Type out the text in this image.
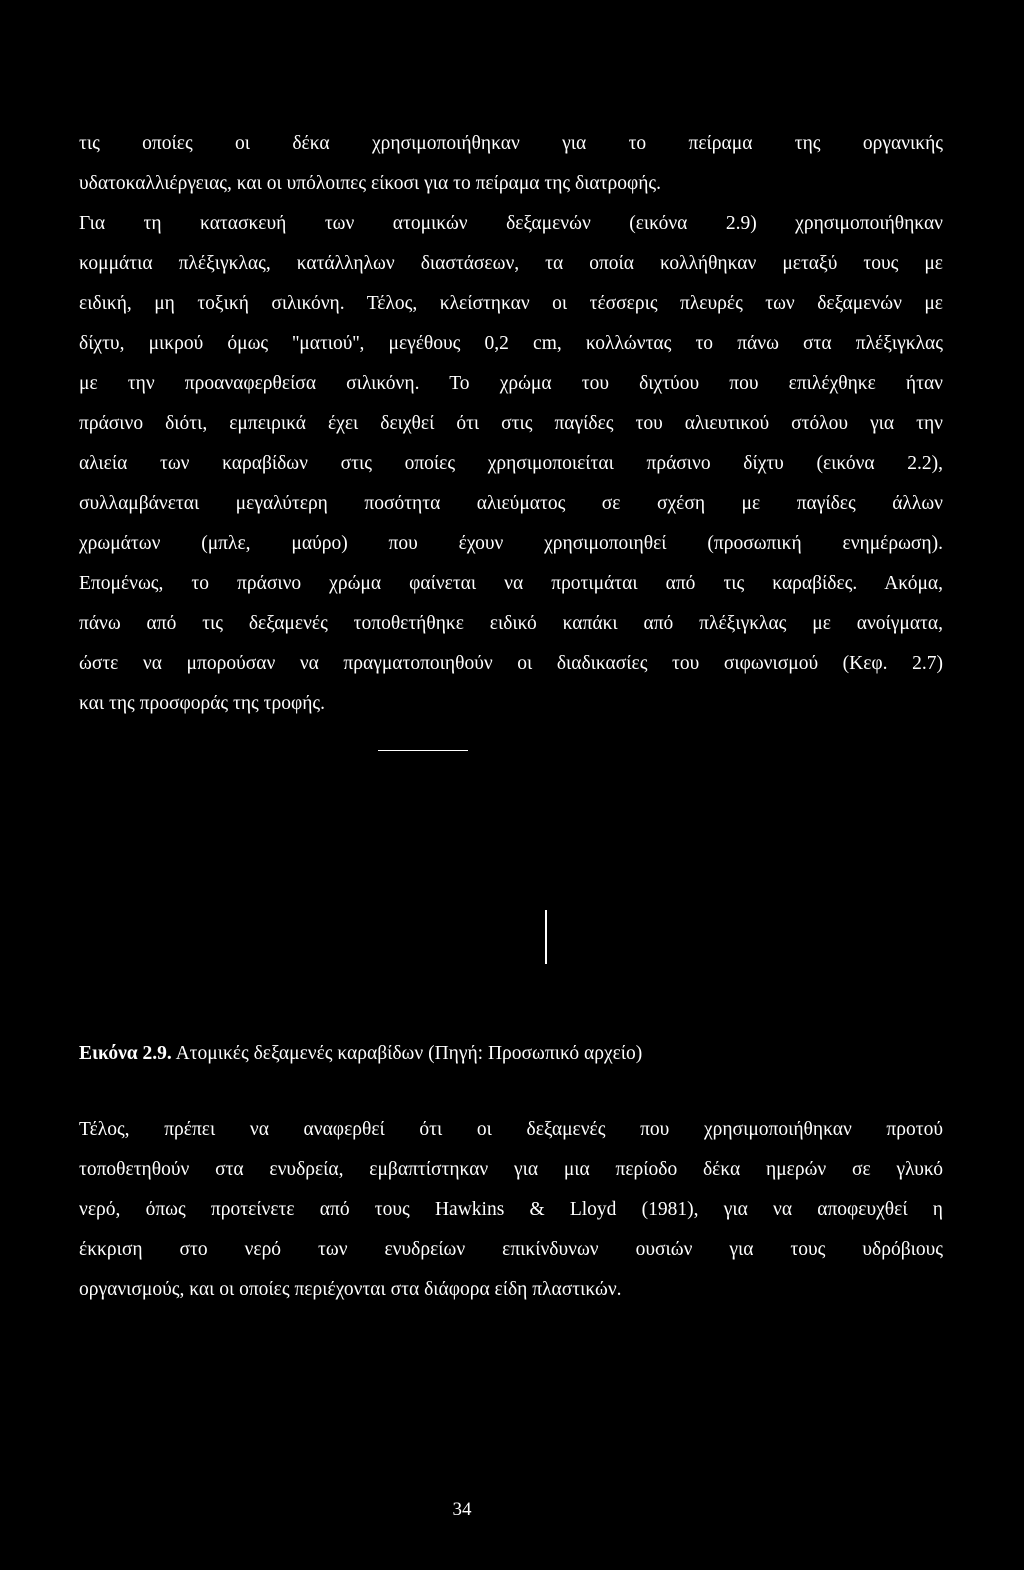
τις οποίες οι δέκα χρησιμοποιήθηκαν για το πείραμα της οργανικής
υδατοκαλλιέργειας, και οι υπόλοιπες είκοσι για το πείραμα της διατροφής.
Για τη κατασκευή των ατομικών δεξαμενών (εικόνα 2.9) χρησιμοποιήθηκαν
κομμάτια πλέξιγκλας, κατάλληλων διαστάσεων, τα οποία κολλήθηκαν μεταξύ τους με
ειδική, μη τοξική σιλικόνη. Τέλος, κλείστηκαν οι τέσσερις πλευρές των δεξαμενών με
δίχτυ, μικρού όμως ''ματιού'', μεγέθους 0,2 cm, κολλώντας το πάνω στα πλέξιγκλας
με την προαναφερθείσα σιλικόνη. Το χρώμα του διχτύου που επιλέχθηκε ήταν
πράσινο διότι, εμπειρικά έχει δειχθεί ότι στις παγίδες του αλιευτικού στόλου για την
αλιεία των καραβίδων στις οποίες χρησιμοποιείται πράσινο δίχτυ (εικόνα 2.2),
συλλαμβάνεται μεγαλύτερη ποσότητα αλιεύματος σε σχέση με παγίδες άλλων
χρωμάτων (μπλε, μαύρο) που έχουν χρησιμοποιηθεί (προσωπική ενημέρωση).
Επομένως, το πράσινο χρώμα φαίνεται να προτιμάται από τις καραβίδες. Ακόμα,
πάνω από τις δεξαμενές τοποθετήθηκε ειδικό καπάκι από πλέξιγκλας με ανοίγματα,
ώστε να μπορούσαν να πραγματοποιηθούν οι διαδικασίες του σιφωνισμού (Κεφ. 2.7)
και της προσφοράς της τροφής.
Εικόνα 2.9. Ατομικές δεξαμενές καραβίδων (Πηγή: Προσωπικό αρχείο)
Τέλος, πρέπει να αναφερθεί ότι οι δεξαμενές που χρησιμοποιήθηκαν προτού
τοποθετηθούν στα ενυδρεία, εμβαπτίστηκαν για μια περίοδο δέκα ημερών σε γλυκό
νερό, όπως προτείνετε από τους Hawkins & Lloyd (1981), για να αποφευχθεί η
έκκριση στο νερό των ενυδρείων επικίνδυνων ουσιών για τους υδρόβιους
οργανισμούς, και οι οποίες περιέχονται στα διάφορα είδη πλαστικών.
34
